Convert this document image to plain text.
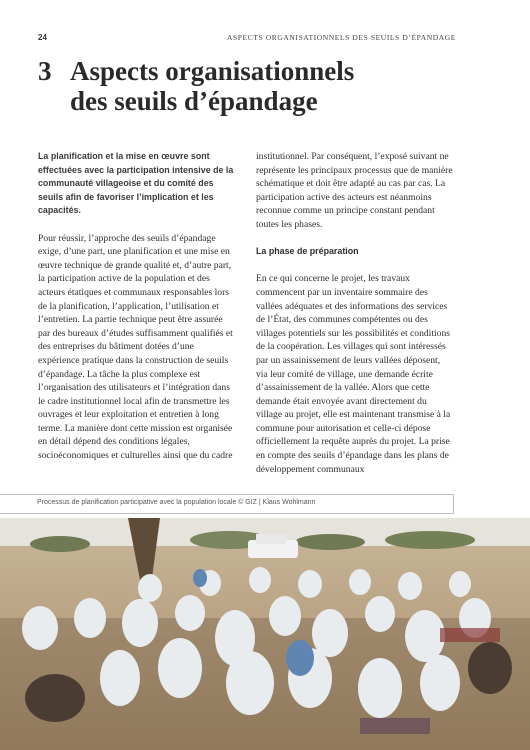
24	ASPECTS ORGANISATIONNELS DES SEUILS D’ÉPANDAGE
3 Aspects organisationnels
des seuils d’épandage

La planification et la mise en œuvre sont effectuées avec la participation intensive de la communauté villageoise et du comité des seuils afin de favoriser l’implication et les capacités.

Pour réussir, l’approche des seuils d’épandage exige, d’une part, une planification et une mise en œuvre technique de grande qualité et, d’autre part, la participation active de la population et des acteurs étatiques et communaux responsables lors de la planification, l’application, l’utilisation et l’entretien. La partie technique peut être assurée par des bureaux d’études suffisamment qualifiés et des entreprises du bâtiment dotées d’une expérience pratique dans la construction de seuils d’épandage. La tâche la plus complexe est l’organisation des utilisateurs et l’intégration dans le cadre institutionnel local afin de transmettre les ouvrages et leur exploitation et entretien à long terme. La manière dont cette mission est organisée en détail dépend des conditions légales, socioéconomiques et culturelles ainsi que du cadre

institutionnel. Par conséquent, l’exposé suivant ne représente les principaux processus que de manière schématique et doit être adapté au cas par cas. La participation active des acteurs est néanmoins reconnue comme un principe constant pendant toutes les phases.

La phase de préparation

En ce qui concerne le projet, les travaux commencent par un inventaire sommaire des vallées adéquates et des informations des services de l’État, des communes compétentes ou des villages potentiels sur les possibilités et conditions de la coopération. Les villages qui sont intéressés par un assainissement de leurs vallées déposent, via leur comité de village, une demande écrite d’assainissement de la vallée. Alors que cette demande était envoyée avant directement du village au projet, elle est maintenant transmise à la commune pour autorisation et celle-ci dépose officiellement la requête auprès du projet. La prise en compte des seuils d’épandage dans les plans de développement communaux

Processus de planification participative avec la population locale © GIZ | Klaus Wohlmann
